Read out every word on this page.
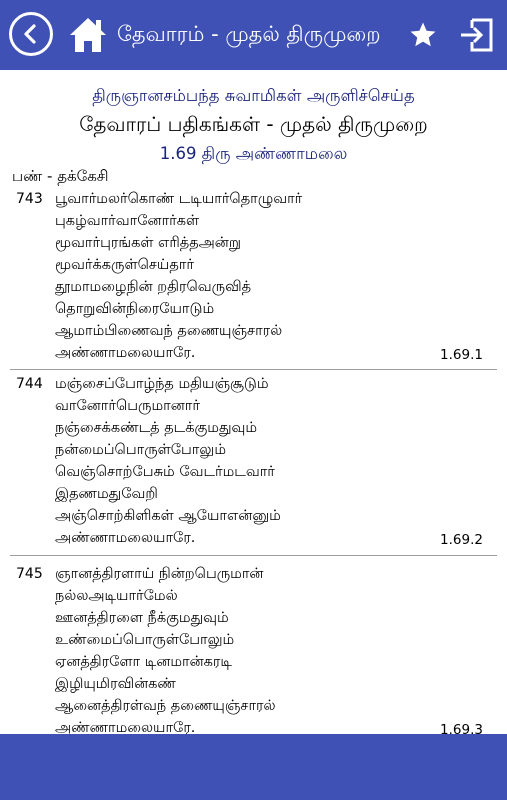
தேவாரம் - முதல் திருமுறை
திருஞானசம்பந்த சுவாமிகள் அருளிச்செய்த
தேவாரப் பதிகங்கள் - முதல் திருமுறை
1.69 திரு அண்ணாமலை
பண் - தக்கேசி
743 பூவார்மலர்கொண் டடியார்தொழுவார்
புகழ்வார்வானோர்கள்
மூவார்புரங்கள் எரித்தஅன்று
மூவர்க்கருள்செய்தார்
தூமாமழைநின் றதிரவெருவித்
தொறுவின்நிரையோடும்
ஆமாம்பிணைவந் தணையுஞ்சாரல்
அண்ணாமலையாரே.	1.69.1
744 மஞ்சைப்போழ்ந்த மதியஞ்சூடும்
வானோர்பெருமானார்
நஞ்சைக்கண்டத் தடக்குமதுவும்
நன்மைப்பொருள்போலும்
வெஞ்சொற்பேசும் வேடர்மடவார்
இதணமதுவேறி
அஞ்சொற்கிளிகள் ஆயோஎன்னும்
அண்ணாமலையாரே.	1.69.2
745 ஞானத்திரளாய் நின்றபெருமான்
நல்லஅடியார்மேல்
ஊனத்திரளை நீக்குமதுவும்
உண்மைப்பொருள்போலும்
ஏனத்திரளோ டினமான்கரடி
இழியுமிரவின்கண்
ஆனைத்திரள்வந் தணையுஞ்சாரல்
அண்ணாமலையாரே.	1.69.3
